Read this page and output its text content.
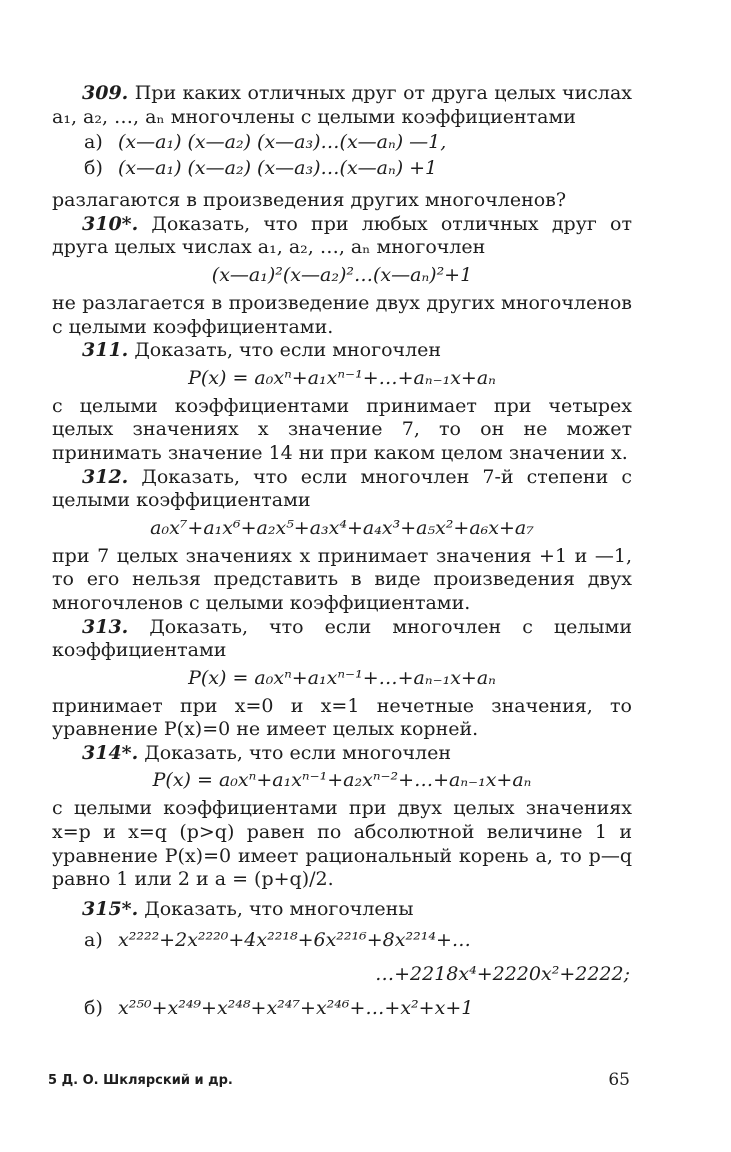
309. При каких отличных друг от друга целых числах a₁, a₂, …, aₙ многочлены с целыми коэффициентами
а) (x—a₁) (x—a₂) (x—a₃)…(x—aₙ) —1,
б) (x—a₁) (x—a₂) (x—a₃)…(x—aₙ) +1
разлагаются в произведения других многочленов?
310*. Доказать, что при любых отличных друг от друга целых числах a₁, a₂, …, aₙ многочлен
(x—a₁)²(x—a₂)²…(x—aₙ)²+1
не разлагается в произведение двух других многочленов с целыми коэффициентами.
311. Доказать, что если многочлен
P(x) = a₀xⁿ+a₁xⁿ⁻¹+…+aₙ₋₁x+aₙ
с целыми коэффициентами принимает при четырех целых значениях x значение 7, то он не может принимать значение 14 ни при каком целом значении x.
312. Доказать, что если многочлен 7-й степени с целыми коэффициентами
a₀x⁷+a₁x⁶+a₂x⁵+a₃x⁴+a₄x³+a₅x²+a₆x+a₇
при 7 целых значениях x принимает значения +1 и —1, то его нельзя представить в виде произведения двух многочленов с целыми коэффициентами.
313. Доказать, что если многочлен с целыми коэффициентами
P(x) = a₀xⁿ+a₁xⁿ⁻¹+…+aₙ₋₁x+aₙ
принимает при x=0 и x=1 нечетные значения, то уравнение P(x)=0 не имеет целых корней.
314*. Доказать, что если многочлен
P(x) = a₀xⁿ+a₁xⁿ⁻¹+a₂xⁿ⁻²+…+aₙ₋₁x+aₙ
с целыми коэффициентами при двух целых значениях x=p и x=q (p>q) равен по абсолютной величине 1 и уравнение P(x)=0 имеет рациональный корень a, то p—q равно 1 или 2 и a = (p+q)/2.
315*. Доказать, что многочлены
а) x²²²²+2x²²²⁰+4x²²¹⁸+6x²²¹⁶+8x²²¹⁴+…
…+2218x⁴+2220x²+2222;
б) x²⁵⁰+x²⁴⁹+x²⁴⁸+x²⁴⁷+x²⁴⁶+…+x²+x+1
5 Д. О. Шклярский и др.	65
